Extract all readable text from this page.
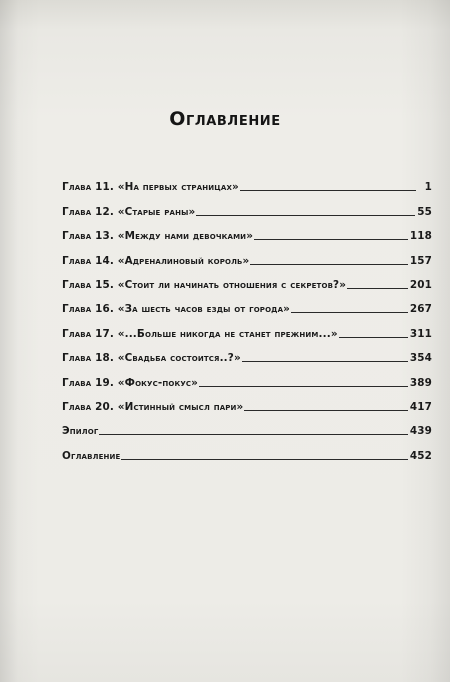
Оглавление
Глава 11. «На первых страницах»	1
Глава 12. «Старые раны»	55
Глава 13. «Между нами девочками»	118
Глава 14. «Адреналиновый король»	157
Глава 15. «Стоит ли начинать отношения с секретов?»	201
Глава 16. «За шесть часов езды от города»	267
Глава 17. «...Больше никогда не станет прежним...»	311
Глава 18. «Свадьба состоится..?»	354
Глава 19. «Фокус-покус»	389
Глава 20. «Истинный смысл пари»	417
Эпилог	439
Оглавление	452
